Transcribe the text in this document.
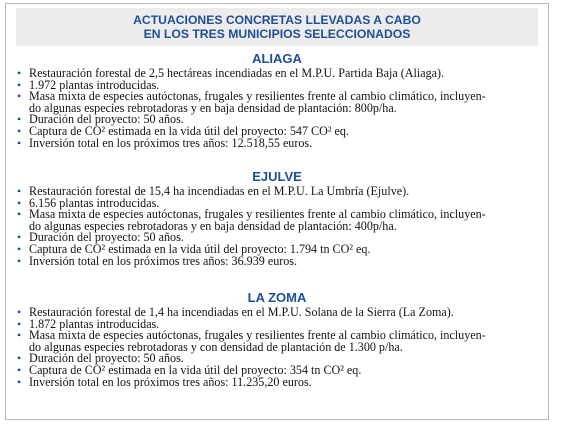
ACTUACIONES CONCRETAS LLEVADAS A CABO
EN LOS TRES MUNICIPIOS SELECCIONADOS
ALIAGA
• Restauración forestal de 2,5 hectáreas incendiadas en el M.P.U. Partida Baja (Aliaga).
• 1.972 plantas introducidas.
• Masa mixta de especies autóctonas, frugales y resilientes frente al cambio climático, incluyen-
do algunas especies rebrotadoras y en baja densidad de plantación: 800p/ha.
• Duración del proyecto: 50 años.
• Captura de CO² estimada en la vida útil del proyecto: 547 CO² eq.
• Inversión total en los próximos tres años: 12.518,55 euros.
EJULVE
• Restauración forestal de 15,4 ha incendiadas en el M.P.U. La Umbría (Ejulve).
• 6.156 plantas introducidas.
• Masa mixta de especies autóctonas, frugales y resilientes frente al cambio climático, incluyen-
do algunas especies rebrotadoras y en baja densidad de plantación: 400p/ha.
• Duración del proyecto: 50 años.
• Captura de CO² estimada en la vida útil del proyecto: 1.794 tn CO² eq.
• Inversión total en los próximos tres años: 36.939 euros.
LA ZOMA
• Restauración forestal de 1,4 ha incendiadas en el M.P.U. Solana de la Sierra (La Zoma).
• 1.872 plantas introducidas.
• Masa mixta de especies autóctonas, frugales y resilientes frente al cambio climático, incluyen-
do algunas especies rebrotadoras y con densidad de plantación de 1.300 p/ha.
• Duración del proyecto: 50 años.
• Captura de CO² estimada en la vida útil del proyecto: 354 tn CO² eq.
• Inversión total en los próximos tres años: 11.235,20 euros.
